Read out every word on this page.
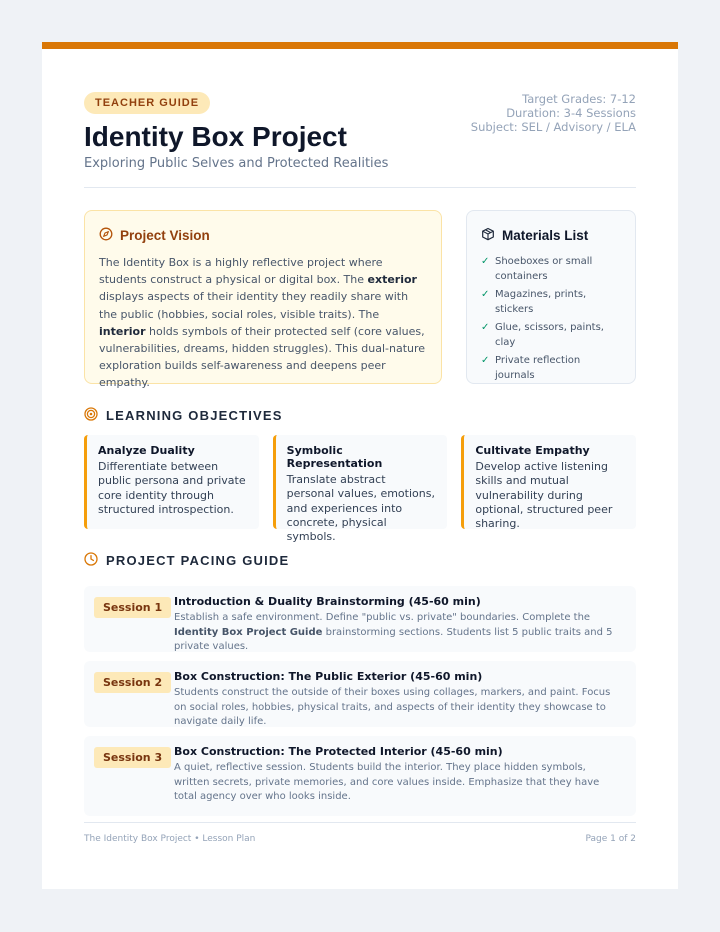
TEACHER GUIDE
Identity Box Project
Exploring Public Selves and Protected Realities
Target Grades: 7-12
Duration: 3-4 Sessions
Subject: SEL / Advisory / ELA
Project Vision

The Identity Box is a highly reflective project where students construct a physical or digital box. The exterior displays aspects of their identity they readily share with the public (hobbies, social roles, visible traits). The interior holds symbols of their protected self (core values, vulnerabilities, dreams, hidden struggles). This dual-nature exploration builds self-awareness and deepens peer empathy.

Materials List
✓ Shoeboxes or small containers
✓ Magazines, prints, stickers
✓ Glue, scissors, paints, clay
✓ Private reflection journals
LEARNING OBJECTIVES
Analyze Duality
Differentiate between public persona and private core identity through structured introspection.
Symbolic Representation
Translate abstract personal values, emotions, and experiences into concrete, physical symbols.
Cultivate Empathy
Develop active listening skills and mutual vulnerability during optional, structured peer sharing.
PROJECT PACING GUIDE
Session 1	Introduction & Duality Brainstorming (45-60 min)
Establish a safe environment. Define "public vs. private" boundaries. Complete the Identity Box Project Guide brainstorming sections. Students list 5 public traits and 5 private values.
Session 2	Box Construction: The Public Exterior (45-60 min)
Students construct the outside of their boxes using collages, markers, and paint. Focus on social roles, hobbies, physical traits, and aspects of their identity they showcase to navigate daily life.
Session 3	Box Construction: The Protected Interior (45-60 min)
A quiet, reflective session. Students build the interior. They place hidden symbols, written secrets, private memories, and core values inside. Emphasize that they have total agency over who looks inside.
The Identity Box Project • Lesson Plan	Page 1 of 2
